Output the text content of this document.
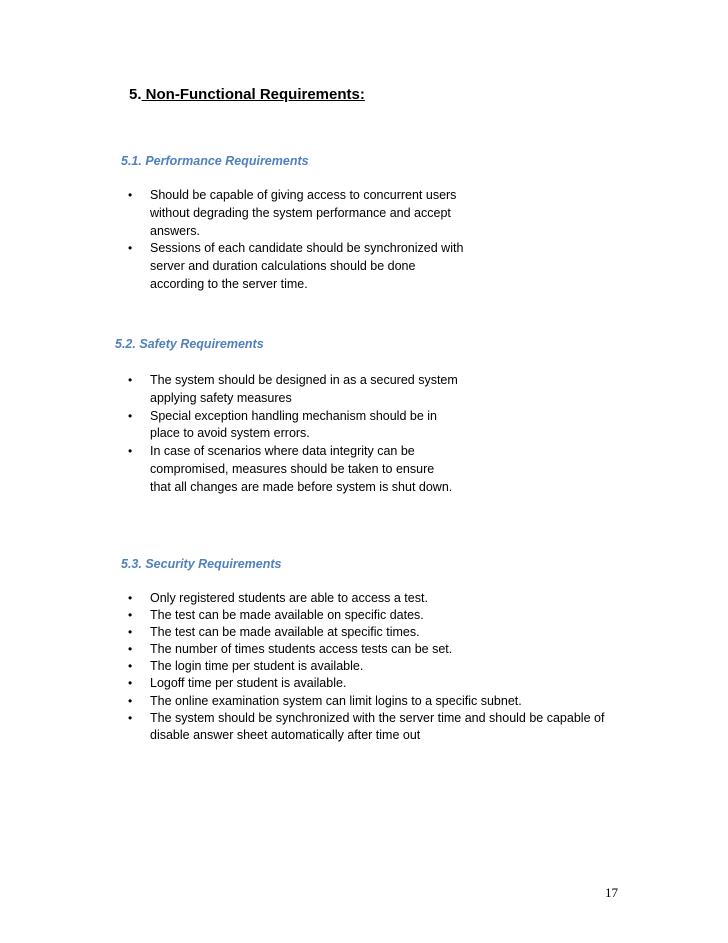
5. Non-Functional Requirements:
5.1. Performance Requirements
• Should be capable of giving access to concurrent users without degrading the system performance and accept answers.
• Sessions of each candidate should be synchronized with server and duration calculations should be done according to the server time.
5.2. Safety Requirements
• The system should be designed in as a secured system applying safety measures
• Special exception handling mechanism should be in place to avoid system errors.
• In case of scenarios where data integrity can be compromised, measures should be taken to ensure that all changes are made before system is shut down.
5.3. Security Requirements
• Only registered students are able to access a test.
• The test can be made available on specific dates.
• The test can be made available at specific times.
• The number of times students access tests can be set.
• The login time per student is available.
• Logoff time per student is available.
• The online examination system can limit logins to a specific subnet.
• The system should be synchronized with the server time and should be capable of disable answer sheet automatically after time out
17
